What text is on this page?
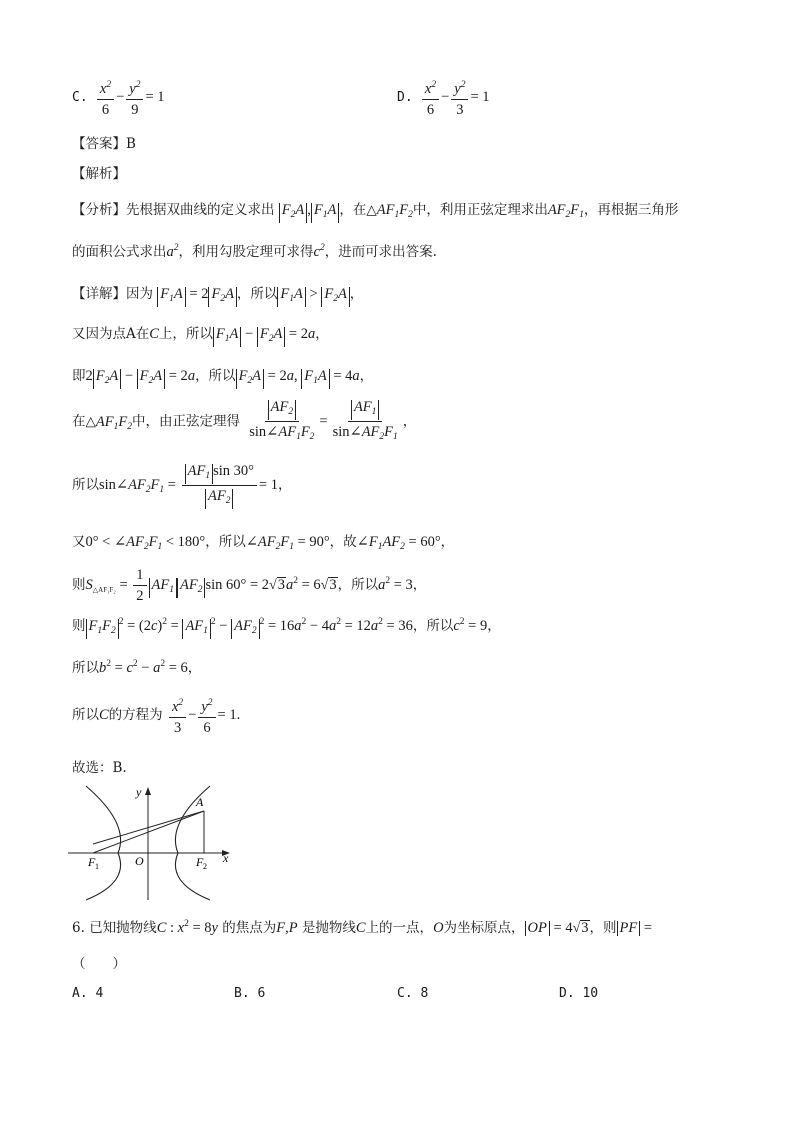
C. $\frac{x^2}{6} - \frac{y^2}{9} = 1$	D. $\frac{x^2}{6} - \frac{y^2}{3} = 1$
【答案】B
【解析】
【分析】先根据双曲线的定义求出 $F_2A$ , $F_1A$ ，在$\triangle AF_1F_2$中，利用正弦定理求出$AF_2F_1$，再根据三角形
的面积公式求出$a^2$，利用勾股定理可求得$c^2$，进而可求出答案.
【详解】因为 $F_1A = 2$ $F_2A$ ，所以 $F_1A > F_2A$ ，
又因为点A在C上，所以 $F_1A - F_2A = 2a$，
即2 $F_2A - F_2A = 2a$，所以 $F_2A = 2a$, $F_1A = 4a$，
在$\triangle AF_1F_2$中，由正弦定理得 $\frac{AF_2}{\sin\angle AF_1F_2} = \frac{AF_1}{\sin\angle AF_2F_1}$ ，
所以$\sin\angle AF_2F_1 = \frac{AF_1 \sin 30^\circ}{AF_2} = 1$，
又$0^\circ < \angle AF_2F_1 < 180^\circ$，所以$\angle AF_2F_1 = 90^\circ$，故$\angle F_1AF_2 = 60^\circ$，
则$S_{\triangle AF_1F_2} = \frac{1}{2} AF_1$ $AF_2$ $\sin 60^\circ = 2√3a^2 = 6√3$，所以$a^2 = 3$，
则 $F_1F_2^2 = (2c)^2 = AF_1^2 - AF_2^2 = 16a^2 - 4a^2 = 12a^2 = 36$，所以$c^2 = 9$，
所以$b^2 = c^2 - a^2 = 6$，
所以C的方程为 $\frac{x^2}{3} - \frac{y^2}{6} = 1$.
故选：B.
y
x
A
O
F 1	F 2
6. 已知抛物线C : $x^2 = 8y$ 的焦点为F,P 是抛物线C上的一点，O为坐标原点， OP = 4√3，则 PF =
（　　）
A. 4	B. 6	C. 8	D. 10
